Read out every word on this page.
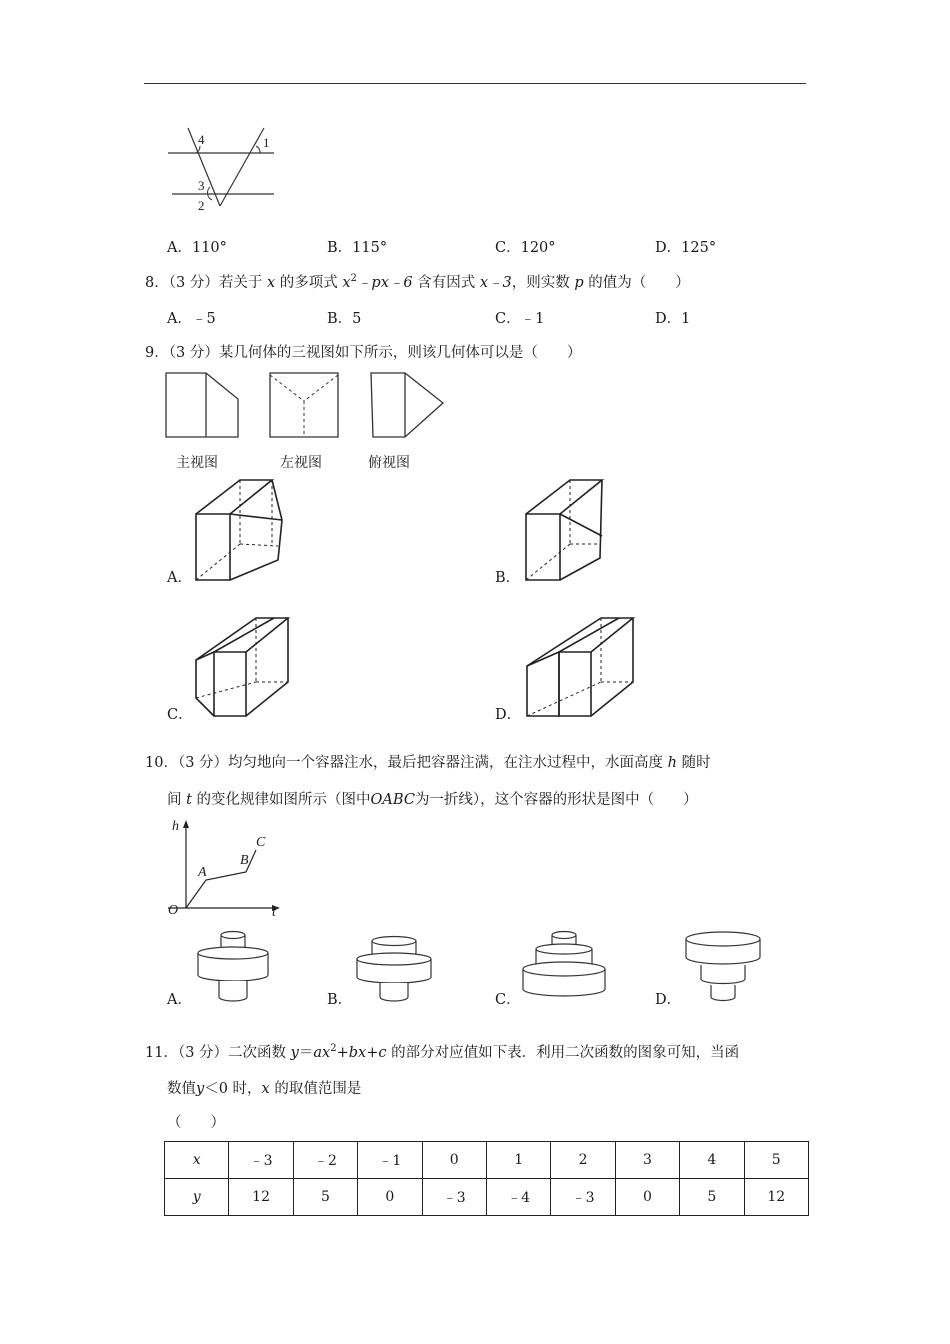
4	1
3
2
A．110°	B．115°	C．120°	D．125°
8．（3 分）若关于 x 的多项式 $x^2﹣px﹣6$ 含有因式 x﹣3，则实数 p 的值为（　　）
A．﹣5	B．5	C．﹣1	D．1
9．（3 分）某几何体的三视图如下所示，则该几何体可以是（　　）
主视图	左视图	俯视图
A．	B．
C．	D．
10．（3 分）均匀地向一个容器注水，最后把容器注满，在注水过程中，水面高度 h 随时
间 t 的变化规律如图所示（图中OABC为一折线），这个容器的形状是图中（　　）
h
t
O
A
B
C
A．	B．	C．	D．
11．（3 分）二次函数 $y=ax^2+bx+c$ 的部分对应值如下表．利用二次函数的图象可知，当函
数值y＜0 时，x 的取值范围是
（　　）
x	﹣3	﹣2	﹣1	0	1	2	3	4	5
y	12	5	0	﹣3	﹣4	﹣3	0	5	12
